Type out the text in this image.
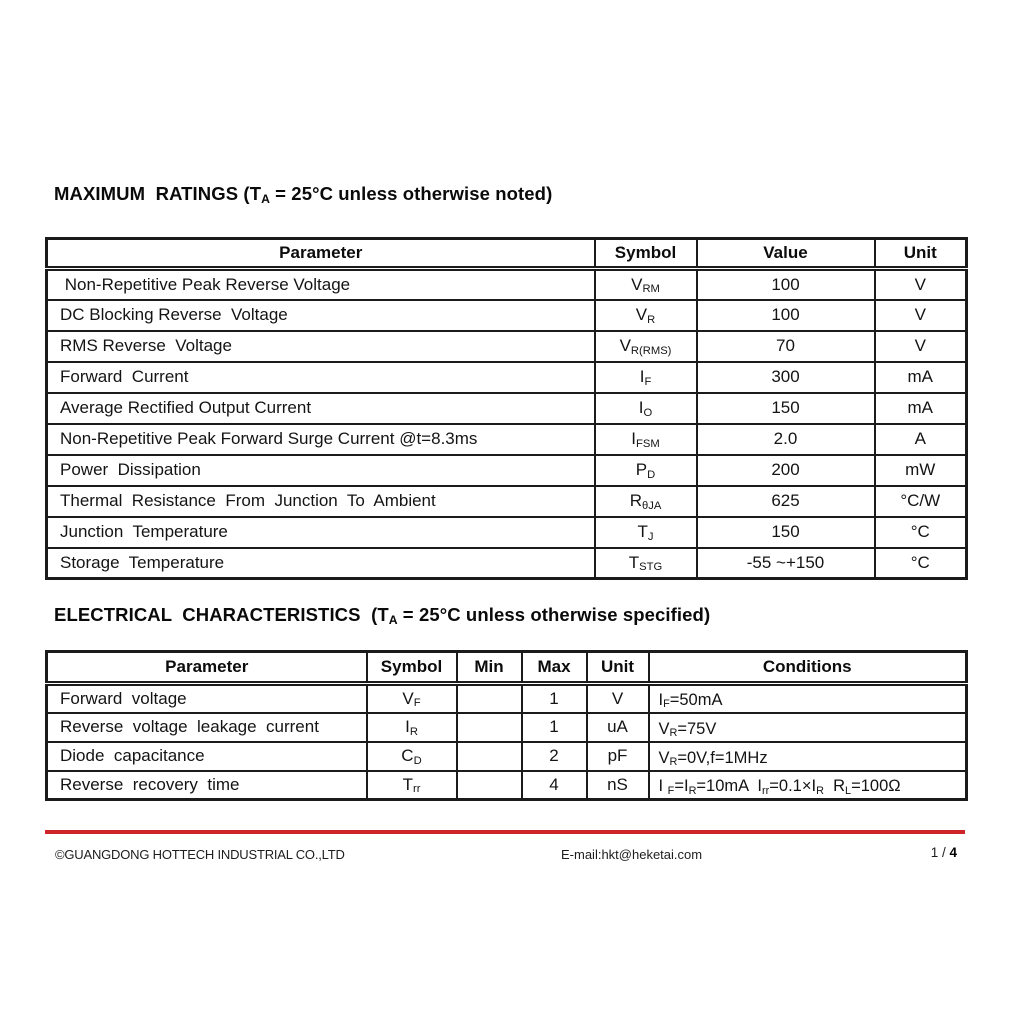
MAXIMUM  RATINGS ($T_A = 25^\circ C$ unless otherwise noted)
Parameter	Symbol	Value	Unit
Non-Repetitive Peak Reverse Voltage	$V_{RM}$	100	V
DC Blocking Reverse  Voltage	$V_R$	100	V
RMS Reverse  Voltage	$V_{R(RMS)}$	70	V
Forward  Current	$I_F$	300	mA
Average Rectified Output Current	$I_O$	150	mA
Non-Repetitive Peak Forward Surge Current @t=8.3ms	$I_{FSM}$	2.0	A
Power  Dissipation	$P_D$	200	mW
Thermal  Resistance  From  Junction  To  Ambient	$R_{\theta JA}$	625	°C/W
Junction  Temperature	$T_J$	150	°C
Storage  Temperature	$T_{STG}$	-55 ~+150	°C
ELECTRICAL  CHARACTERISTICS  ($T_A = 25^\circ C$ unless otherwise specified)
Parameter	Symbol	Min	Max	Unit	Conditions
Forward  voltage	$V_F$		1	V	$I_F=50mA$
Reverse  voltage  leakage  current	$I_R$		1	uA	$V_R=75V$
Diode  capacitance	$C_D$		2	pF	$V_R=0V,f=1MHz$
Reverse  recovery  time	$T_{rr}$		4	nS	I $_F=I_R=10mA$  $I_{rr}=0.1\times I_R$  $R_L=100\Omega$
©GUANGDONG HOTTECH INDUSTRIAL CO.,LTD	E-mail:hkt@heketai.com	1 / 4
